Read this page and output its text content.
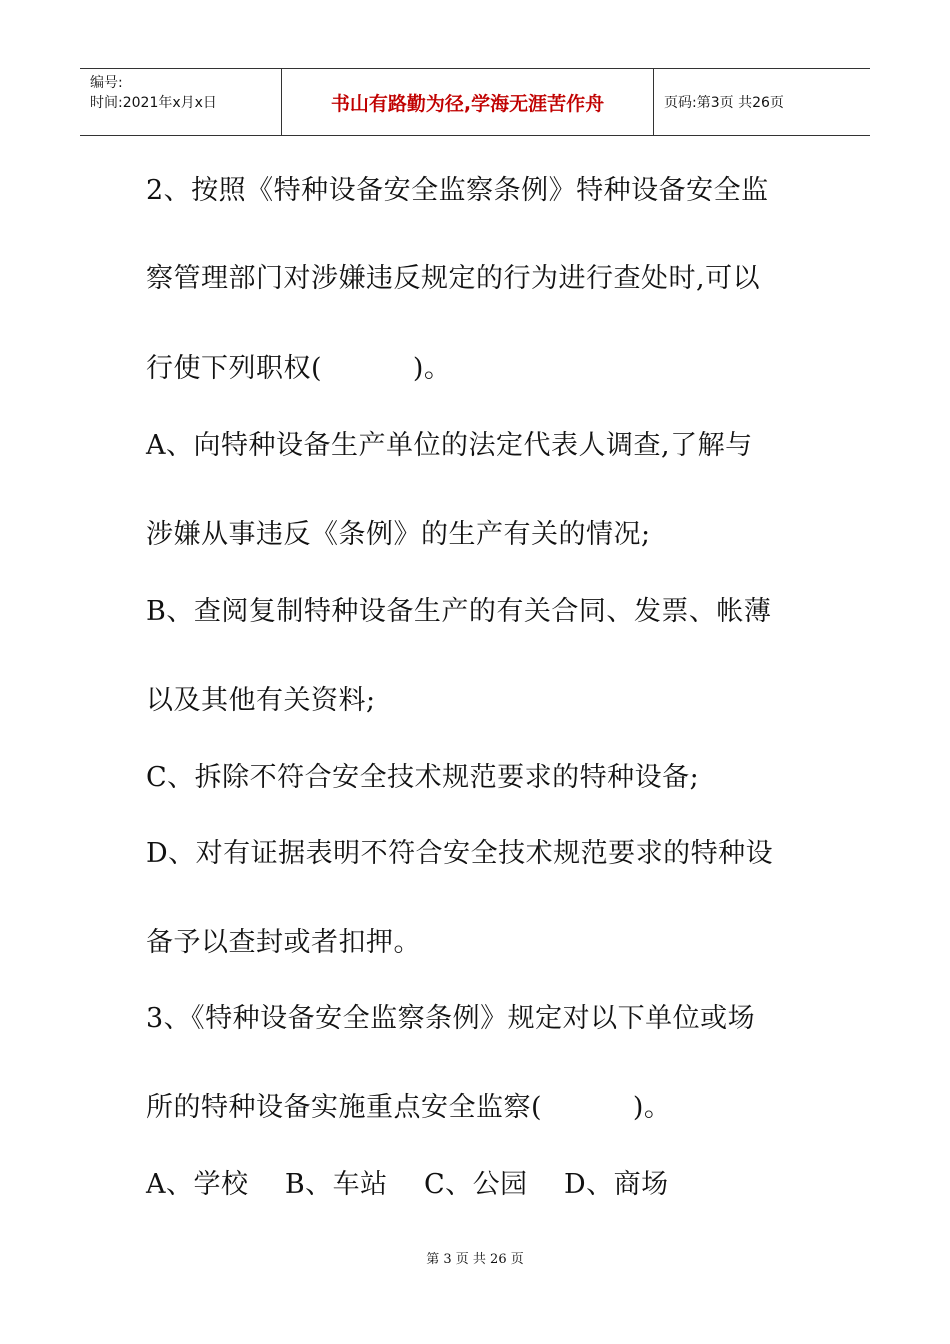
编号:
时间:2021年x月x日	书山有路勤为径,学海无涯苦作舟	页码:第3页 共26页
2、按照《特种设备安全监察条例》特种设备安全监
察管理部门对涉嫌违反规定的行为进行查处时,可以
行使下列职权(          )。
A、向特种设备生产单位的法定代表人调查,了解与
涉嫌从事违反《条例》的生产有关的情况;
B、查阅复制特种设备生产的有关合同、发票、帐薄
以及其他有关资料;
C、拆除不符合安全技术规范要求的特种设备;
D、对有证据表明不符合安全技术规范要求的特种设
备予以查封或者扣押。
3、《特种设备安全监察条例》规定对以下单位或场
所的特种设备实施重点安全监察(          )。
A、学校    B、车站    C、公园    D、商场
第 3 页 共 26 页
